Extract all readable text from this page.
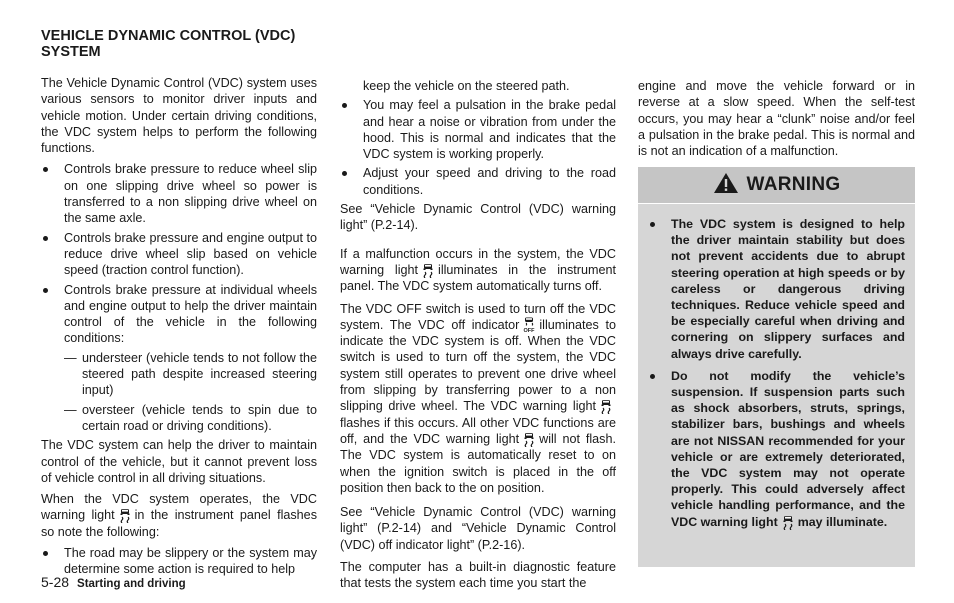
VEHICLE DYNAMIC CONTROL (VDC) SYSTEM

The Vehicle Dynamic Control (VDC) system uses various sensors to monitor driver inputs and vehicle motion. Under certain driving conditions, the VDC system helps to perform the following functions.

Controls brake pressure to reduce wheel slip on one slipping drive wheel so power is transferred to a non slipping drive wheel on the same axle.
Controls brake pressure and engine output to reduce drive wheel slip based on vehicle speed (traction control function).
Controls brake pressure at individual wheels and engine output to help the driver maintain control of the vehicle in the following conditions:
— understeer (vehicle tends to not follow the steered path despite increased steering input)
— oversteer (vehicle tends to spin due to certain road or driving conditions).

The VDC system can help the driver to maintain control of the vehicle, but it cannot prevent loss of vehicle control in all driving situations.

When the VDC system operates, the VDC warning light in the instrument panel flashes so note the following:

The road may be slippery or the system may determine some action is required to help
keep the vehicle on the steered path.
You may feel a pulsation in the brake pedal and hear a noise or vibration from under the hood. This is normal and indicates that the VDC system is working properly.
Adjust your speed and driving to the road conditions.

See “Vehicle Dynamic Control (VDC) warning light” (P.2-14).

If a malfunction occurs in the system, the VDC warning light illuminates in the instrument panel. The VDC system automatically turns off.

The VDC OFF switch is used to turn off the VDC system. The VDC off indicator OFF illuminates to indicate the VDC system is off. When the VDC switch is used to turn off the system, the VDC system still operates to prevent one drive wheel from slipping by transferring power to a non slipping drive wheel. The VDC warning light
flashes if this occurs. All other VDC functions are off, and the VDC warning light will not flash. The VDC system is automatically reset to on when the ignition switch is placed in the off position then back to the on position.

See “Vehicle Dynamic Control (VDC) warning light” (P.2-14) and “Vehicle Dynamic Control (VDC) off indicator light” (P.2-16).

The computer has a built-in diagnostic feature that tests the system each time you start the

engine and move the vehicle forward or in reverse at a slow speed. When the self-test occurs, you may hear a “clunk” noise and/or feel a pulsation in the brake pedal. This is normal and is not an indication of a malfunction.

WARNING
The VDC system is designed to help the driver maintain stability but does not prevent accidents due to abrupt steering operation at high speeds or by careless or dangerous driving techniques. Reduce vehicle speed and be especially careful when driving and cornering on slippery surfaces and always drive carefully.
Do not modify the vehicle’s suspension. If suspension parts such as shock absorbers, struts, springs, stabilizer bars, bushings and wheels are not NISSAN recommended for your vehicle or are extremely deteriorated, the VDC system may not operate properly. This could adversely affect vehicle handling performance, and the VDC warning light may illuminate.
5-28 Starting and driving
